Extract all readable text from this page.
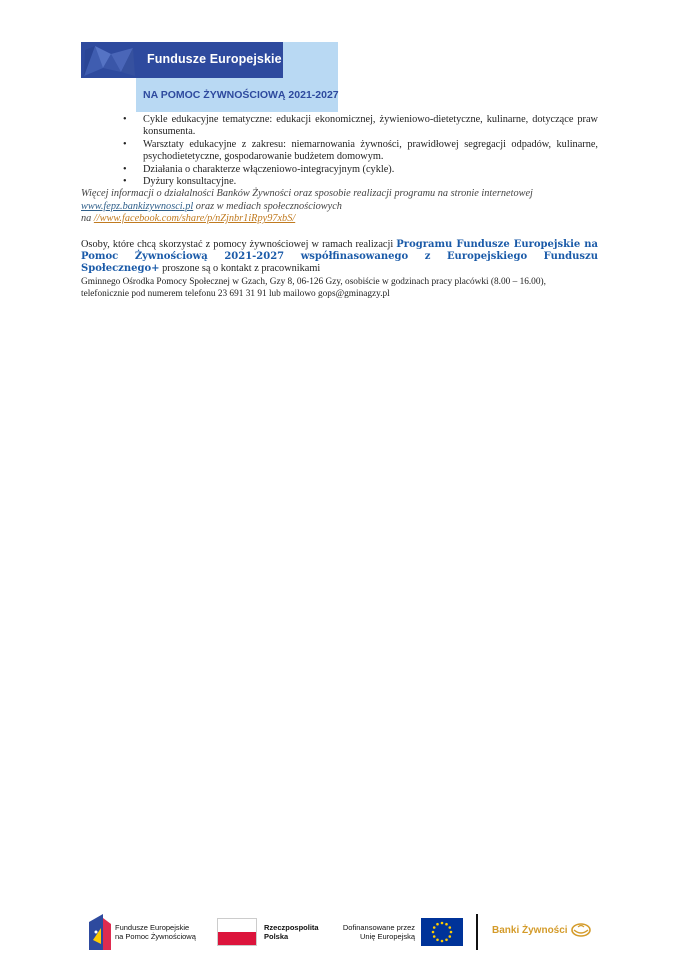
Fundusze Europejskie
NA POMOC ŻYWNOŚCIOWĄ 2021-2027
• Cykle edukacyjne tematyczne: edukacji ekonomicznej, żywieniowo-dietetyczne, kulinarne, dotyczące praw konsumenta.
• Warsztaty edukacyjne z zakresu: niemarnowania żywności, prawidłowej segregacji odpadów, kulinarne, psychodietetyczne, gospodarowanie budżetem domowym.
• Działania o charakterze włączeniowo-integracyjnym (cykle).
• Dyżury konsultacyjne.
Więcej informacji o działalności Banków Żywności oraz sposobie realizacji programu na stronie internetowej
www.fepz.bankizywnosci.pl oraz w mediach społecznościowych
na //www.facebook.com/share/p/nZjnbr1iRpy97xbS/
Osoby, które chcą skorzystać z pomocy żywnościowej w ramach realizacji Programu Fundusze Europejskie na Pomoc Żywnościową 2021-2027 współfinasowanego z Europejskiego Funduszu Społecznego+ proszone są o kontakt z pracownikami
Gminnego Ośrodka Pomocy Społecznej w Gzach, Gzy 8, 06-126 Gzy, osobiście w godzinach pracy placówki (8.00 – 16.00),
telefonicznie pod numerem telefonu 23 691 31 91 lub mailowo gops@gminagzy.pl
Fundusze Europejskie
na Pomoc Żywnościową
Rzeczpospolita
Polska
Dofinansowane przez
Unię Europejską
Banki Żywności
